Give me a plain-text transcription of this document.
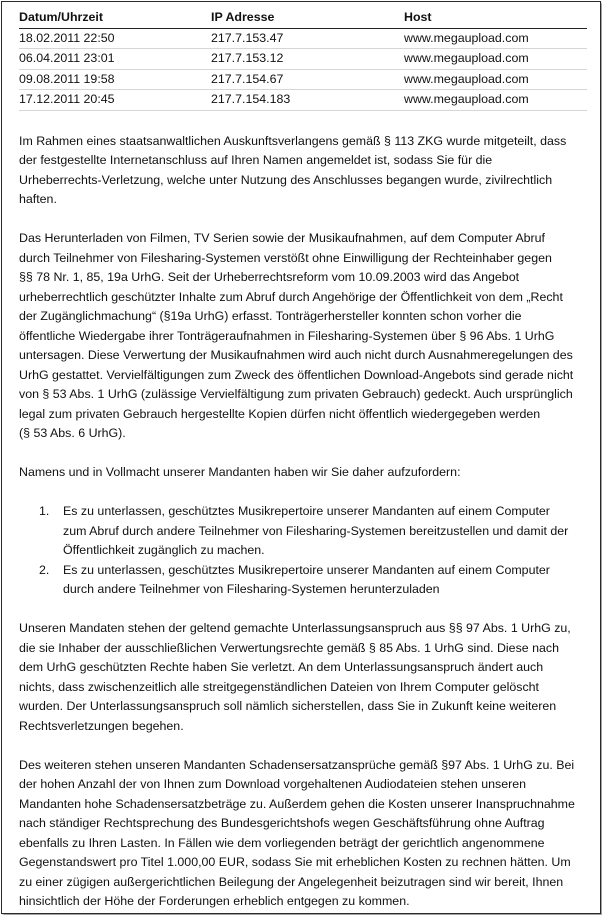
Datum/Uhrzeit	IP Adresse	Host
18.02.2011 22:50	217.7.153.47	www.megaupload.com
06.04.2011 23:01	217.7.153.12	www.megaupload.com
09.08.2011 19:58	217.7.154.67	www.megaupload.com
17.12.2011 20:45	217.7.154.183	www.megaupload.com

Im Rahmen eines staatsanwaltlichen Auskunftsverlangens gemäß § 113 ZKG wurde mitgeteilt, dass
der festgestellte Internetanschluss auf Ihren Namen angemeldet ist, sodass Sie für die
Urheberrechts-Verletzung, welche unter Nutzung des Anschlusses begangen wurde, zivilrechtlich
haften.

Das Herunterladen von Filmen, TV Serien sowie der Musikaufnahmen, auf dem Computer Abruf
durch Teilnehmer von Filesharing-Systemen verstößt ohne Einwilligung der Rechteinhaber gegen
§§ 78 Nr. 1, 85, 19a UrhG. Seit der Urheberrechtsreform vom 10.09.2003 wird das Angebot
urheberrechtlich geschützter Inhalte zum Abruf durch Angehörige der Öffentlichkeit von dem „Recht
der Zugänglichmachung“ (§19a UrhG) erfasst. Tonträgerhersteller konnten schon vorher die
öffentliche Wiedergabe ihrer Tonträgeraufnahmen in Filesharing-Systemen über § 96 Abs. 1 UrhG
untersagen. Diese Verwertung der Musikaufnahmen wird auch nicht durch Ausnahmeregelungen des
UrhG gestattet. Vervielfältigungen zum Zweck des öffentlichen Download-Angebots sind gerade nicht
von § 53 Abs. 1 UrhG (zulässige Vervielfältigung zum privaten Gebrauch) gedeckt. Auch ursprünglich
legal zum privaten Gebrauch hergestellte Kopien dürfen nicht öffentlich wiedergegeben werden
(§ 53 Abs. 6 UrhG).

Namens und in Vollmacht unserer Mandanten haben wir Sie daher aufzufordern:

1. Es zu unterlassen, geschütztes Musikrepertoire unserer Mandanten auf einem Computer
zum Abruf durch andere Teilnehmer von Filesharing-Systemen bereitzustellen und damit der
Öffentlichkeit zugänglich zu machen.
2. Es zu unterlassen, geschütztes Musikrepertoire unserer Mandanten auf einem Computer
durch andere Teilnehmer von Filesharing-Systemen herunterzuladen

Unseren Mandaten stehen der geltend gemachte Unterlassungsanspruch aus §§ 97 Abs. 1 UrhG zu,
die sie Inhaber der ausschließlichen Verwertungsrechte gemäß § 85 Abs. 1 UrhG sind. Diese nach
dem UrhG geschützten Rechte haben Sie verletzt. An dem Unterlassungsanspruch ändert auch
nichts, dass zwischenzeitlich alle streitgegenständlichen Dateien von Ihrem Computer gelöscht
wurden. Der Unterlassungsanspruch soll nämlich sicherstellen, dass Sie in Zukunft keine weiteren
Rechtsverletzungen begehen.

Des weiteren stehen unseren Mandanten Schadensersatzansprüche gemäß §97 Abs. 1 UrhG zu. Bei
der hohen Anzahl der von Ihnen zum Download vorgehaltenen Audiodateien stehen unseren
Mandanten hohe Schadensersatzbeträge zu. Außerdem gehen die Kosten unserer Inanspruchnahme
nach ständiger Rechtsprechung des Bundesgerichtshofs wegen Geschäftsführung ohne Auftrag
ebenfalls zu Ihren Lasten. In Fällen wie dem vorliegenden beträgt der gerichtlich angenommene
Gegenstandswert pro Titel 1.000,00 EUR, sodass Sie mit erheblichen Kosten zu rechnen hätten. Um
zu einer zügigen außergerichtlichen Beilegung der Angelegenheit beizutragen sind wir bereit, Ihnen
hinsichtlich der Höhe der Forderungen erheblich entgegen zu kommen.
